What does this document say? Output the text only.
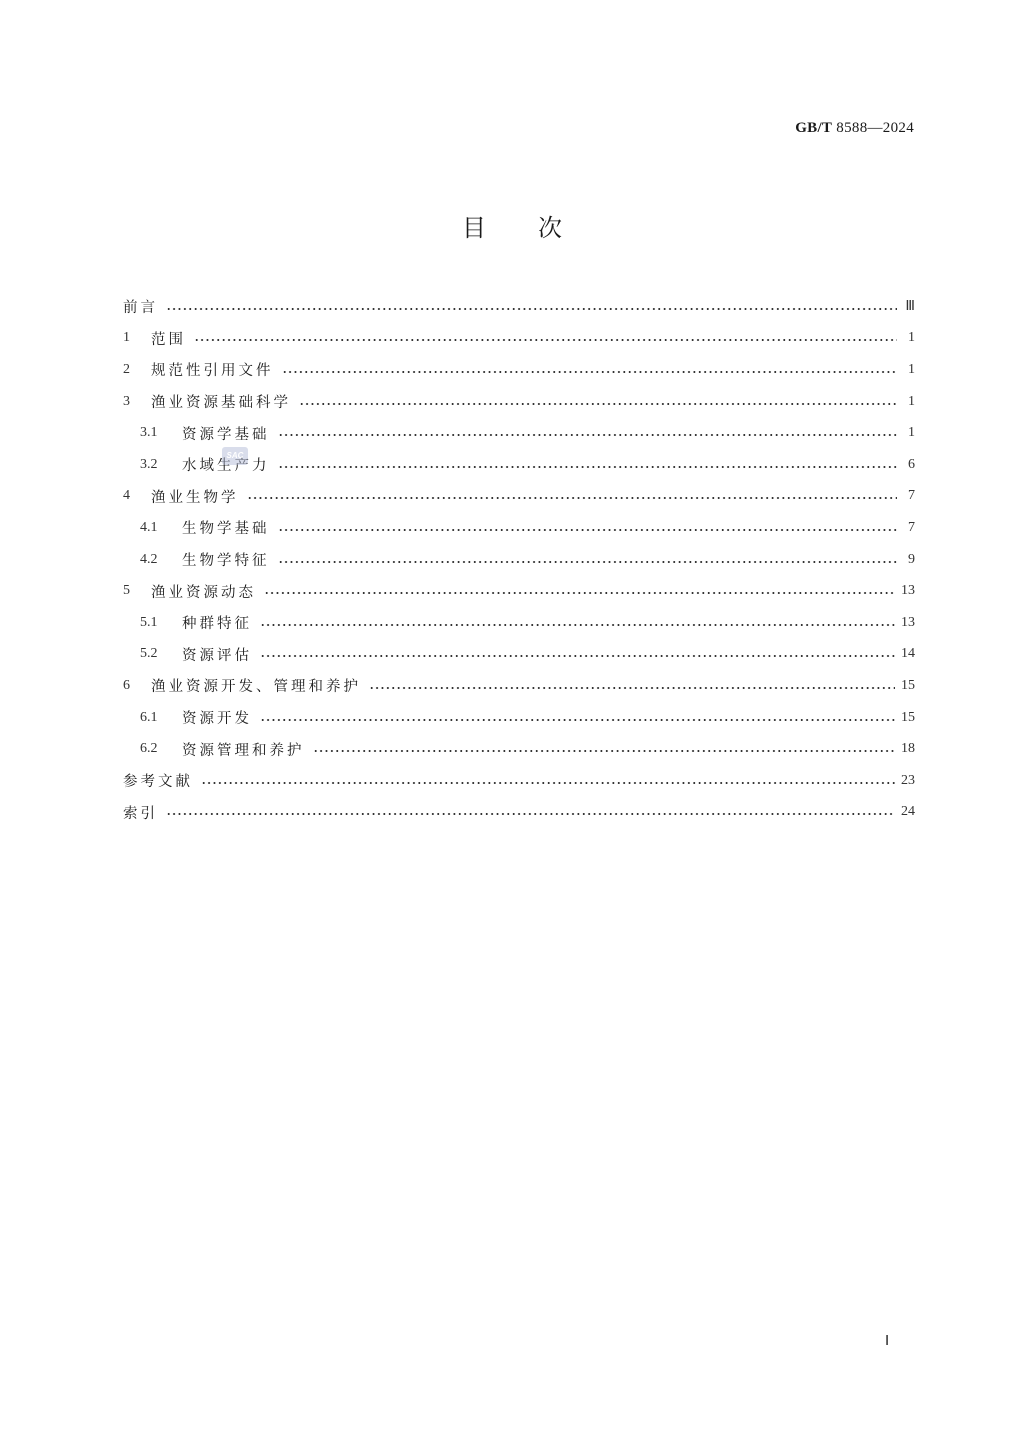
GB/T 8588—2024
目 次
前言	Ⅲ
1	范围	1
2	规范性引用文件	1
3	渔业资源基础科学	1
3.1	资源学基础	1
3.2	水域生产力	6
4	渔业生物学	7
4.1	生物学基础	7
4.2	生物学特征	9
5	渔业资源动态	13
5.1	种群特征	13
5.2	资源评估	14
6	渔业资源开发、管理和养护	15
6.1	资源开发	15
6.2	资源管理和养护	18
参考文献	23
索引	24
SAC
Ⅰ
